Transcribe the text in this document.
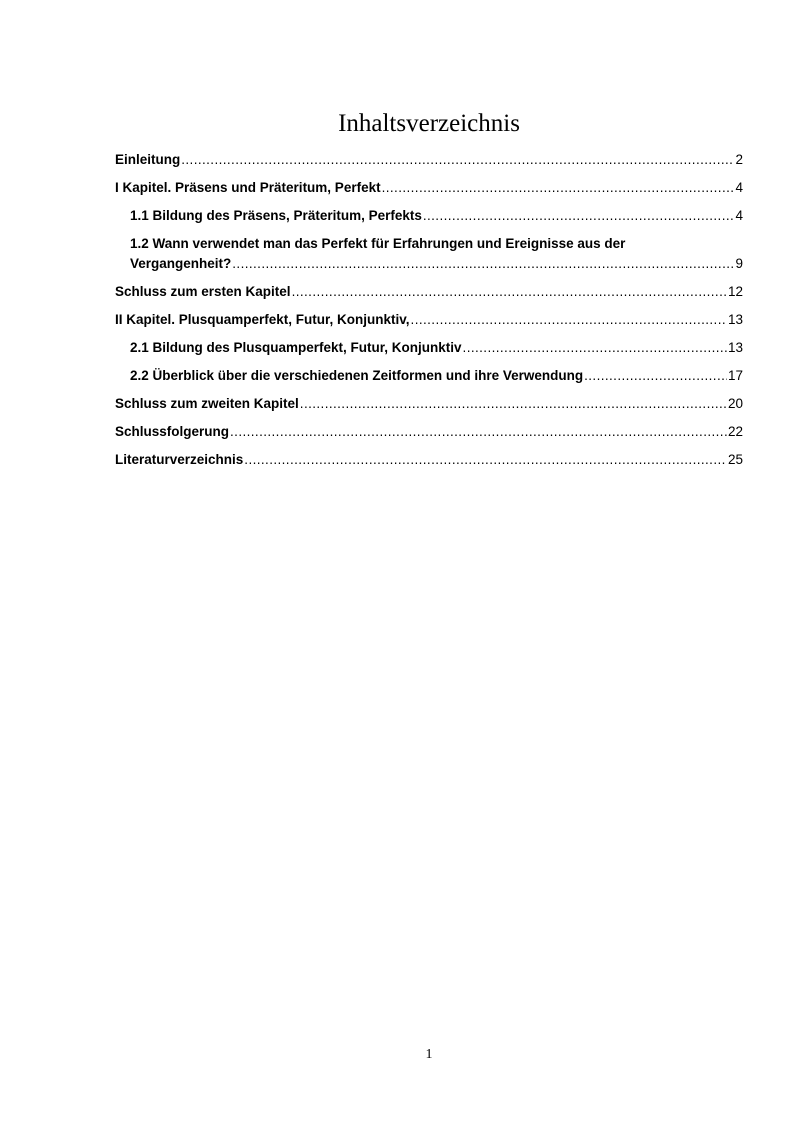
Inhaltsverzeichnis
Einleitung .....	2
I Kapitel. Präsens und Präteritum, Perfekt .....	4
1.1 Bildung des Präsens, Präteritum, Perfekts .....	4
1.2 Wann verwendet man das Perfekt für Erfahrungen und Ereignisse aus der
Vergangenheit? .....	9
Schluss zum ersten Kapitel .....	12
II Kapitel. Plusquamperfekt, Futur, Konjunktiv, .....	13
2.1 Bildung des Plusquamperfekt, Futur, Konjunktiv .....	13
2.2 Überblick über die verschiedenen Zeitformen und ihre Verwendung .....	17
Schluss zum zweiten Kapitel .....	20
Schlussfolgerung .....	22
Literaturverzeichnis .....	25
1
